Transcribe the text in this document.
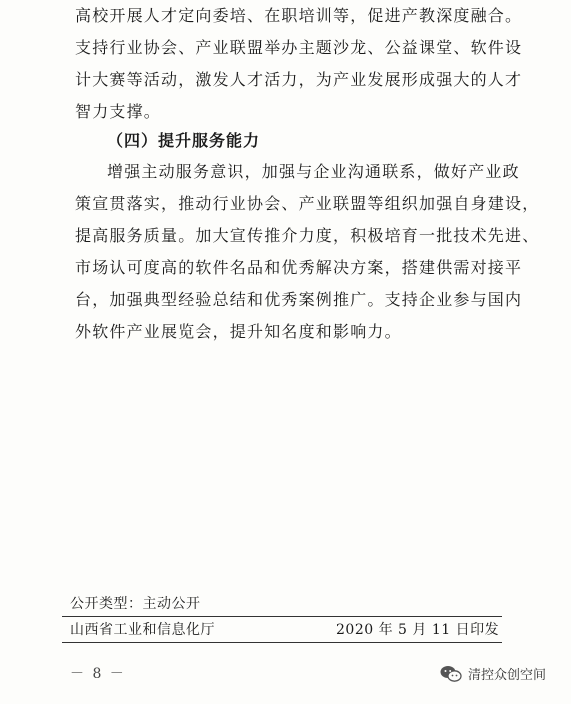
高校开展人才定向委培、在职培训等，促进产教深度融合。
支持行业协会、产业联盟举办主题沙龙、公益课堂、软件设
计大赛等活动，激发人才活力，为产业发展形成强大的人才
智力支撑。
（四）提升服务能力
增强主动服务意识，加强与企业沟通联系，做好产业政
策宣贯落实，推动行业协会、产业联盟等组织加强自身建设，
提高服务质量。加大宣传推介力度，积极培育一批技术先进、
市场认可度高的软件名品和优秀解决方案，搭建供需对接平
台，加强典型经验总结和优秀案例推广。支持企业参与国内
外软件产业展览会，提升知名度和影响力。
公开类型：主动公开
山西省工业和信息化厅	2020 年 5 月 11 日印发
－ 8 －	清控众创空间
